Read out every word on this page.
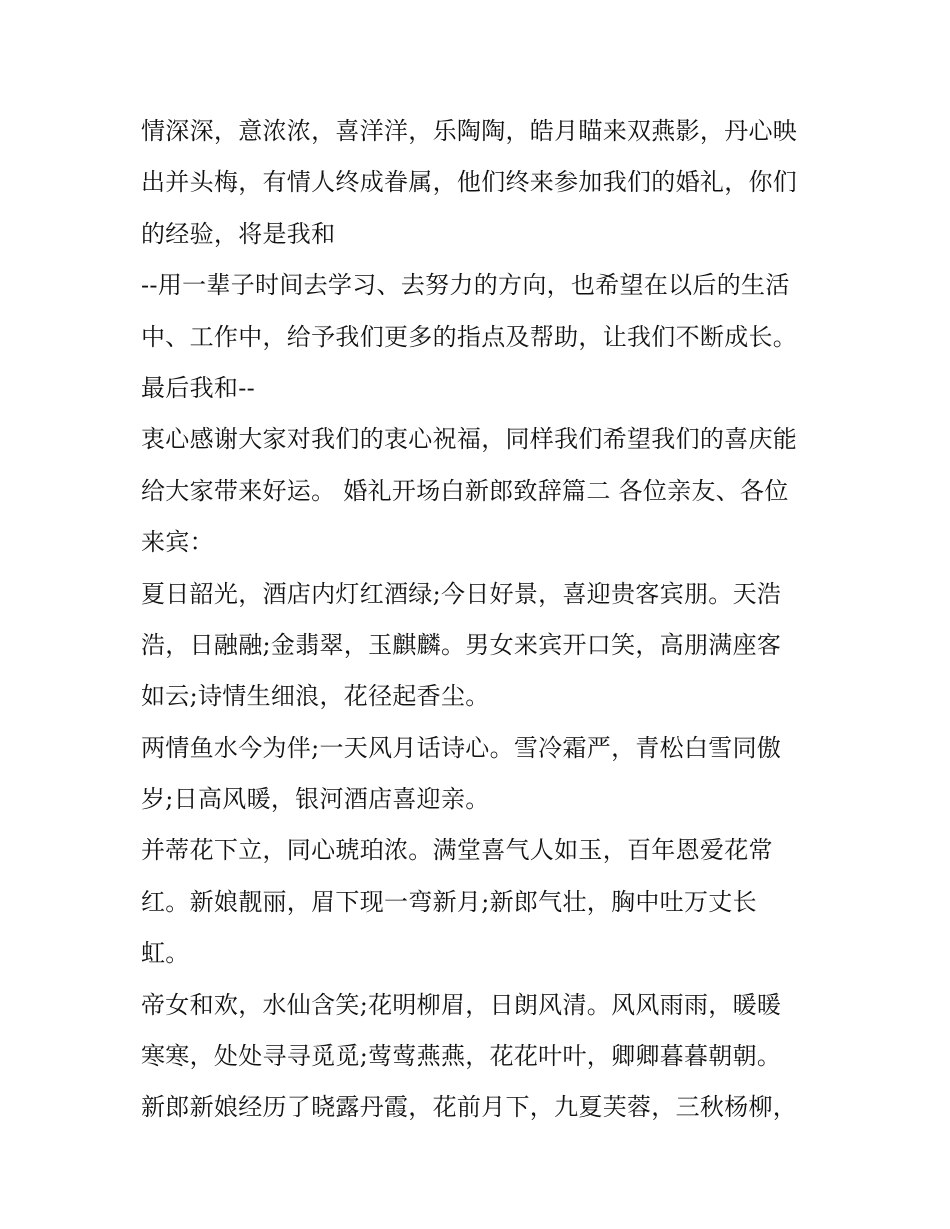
情深深，意浓浓，喜洋洋，乐陶陶，皓月瞄来双燕影，丹心映
出并头梅，有情人终成眷属，他们终来参加我们的婚礼，你们
的经验，将是我和
--用一辈子时间去学习、去努力的方向，也希望在以后的生活
中、工作中，给予我们更多的指点及帮助，让我们不断成长。
最后我和--
衷心感谢大家对我们的衷心祝福，同样我们希望我们的喜庆能
给大家带来好运。 婚礼开场白新郎致辞篇二 各位亲友、各位
来宾：
夏日韶光，酒店内灯红酒绿;今日好景，喜迎贵客宾朋。天浩
浩，日融融;金翡翠，玉麒麟。男女来宾开口笑，高朋满座客
如云;诗情生细浪，花径起香尘。
两情鱼水今为伴;一天风月话诗心。雪冷霜严，青松白雪同傲
岁;日高风暖，银河酒店喜迎亲。
并蒂花下立，同心琥珀浓。满堂喜气人如玉，百年恩爱花常
红。新娘靓丽，眉下现一弯新月;新郎气壮，胸中吐万丈长
虹。
帝女和欢，水仙含笑;花明柳眉，日朗风清。风风雨雨，暖暖
寒寒，处处寻寻觅觅;莺莺燕燕，花花叶叶，卿卿暮暮朝朝。
新郎新娘经历了晓露丹霞，花前月下，九夏芙蓉，三秋杨柳，
